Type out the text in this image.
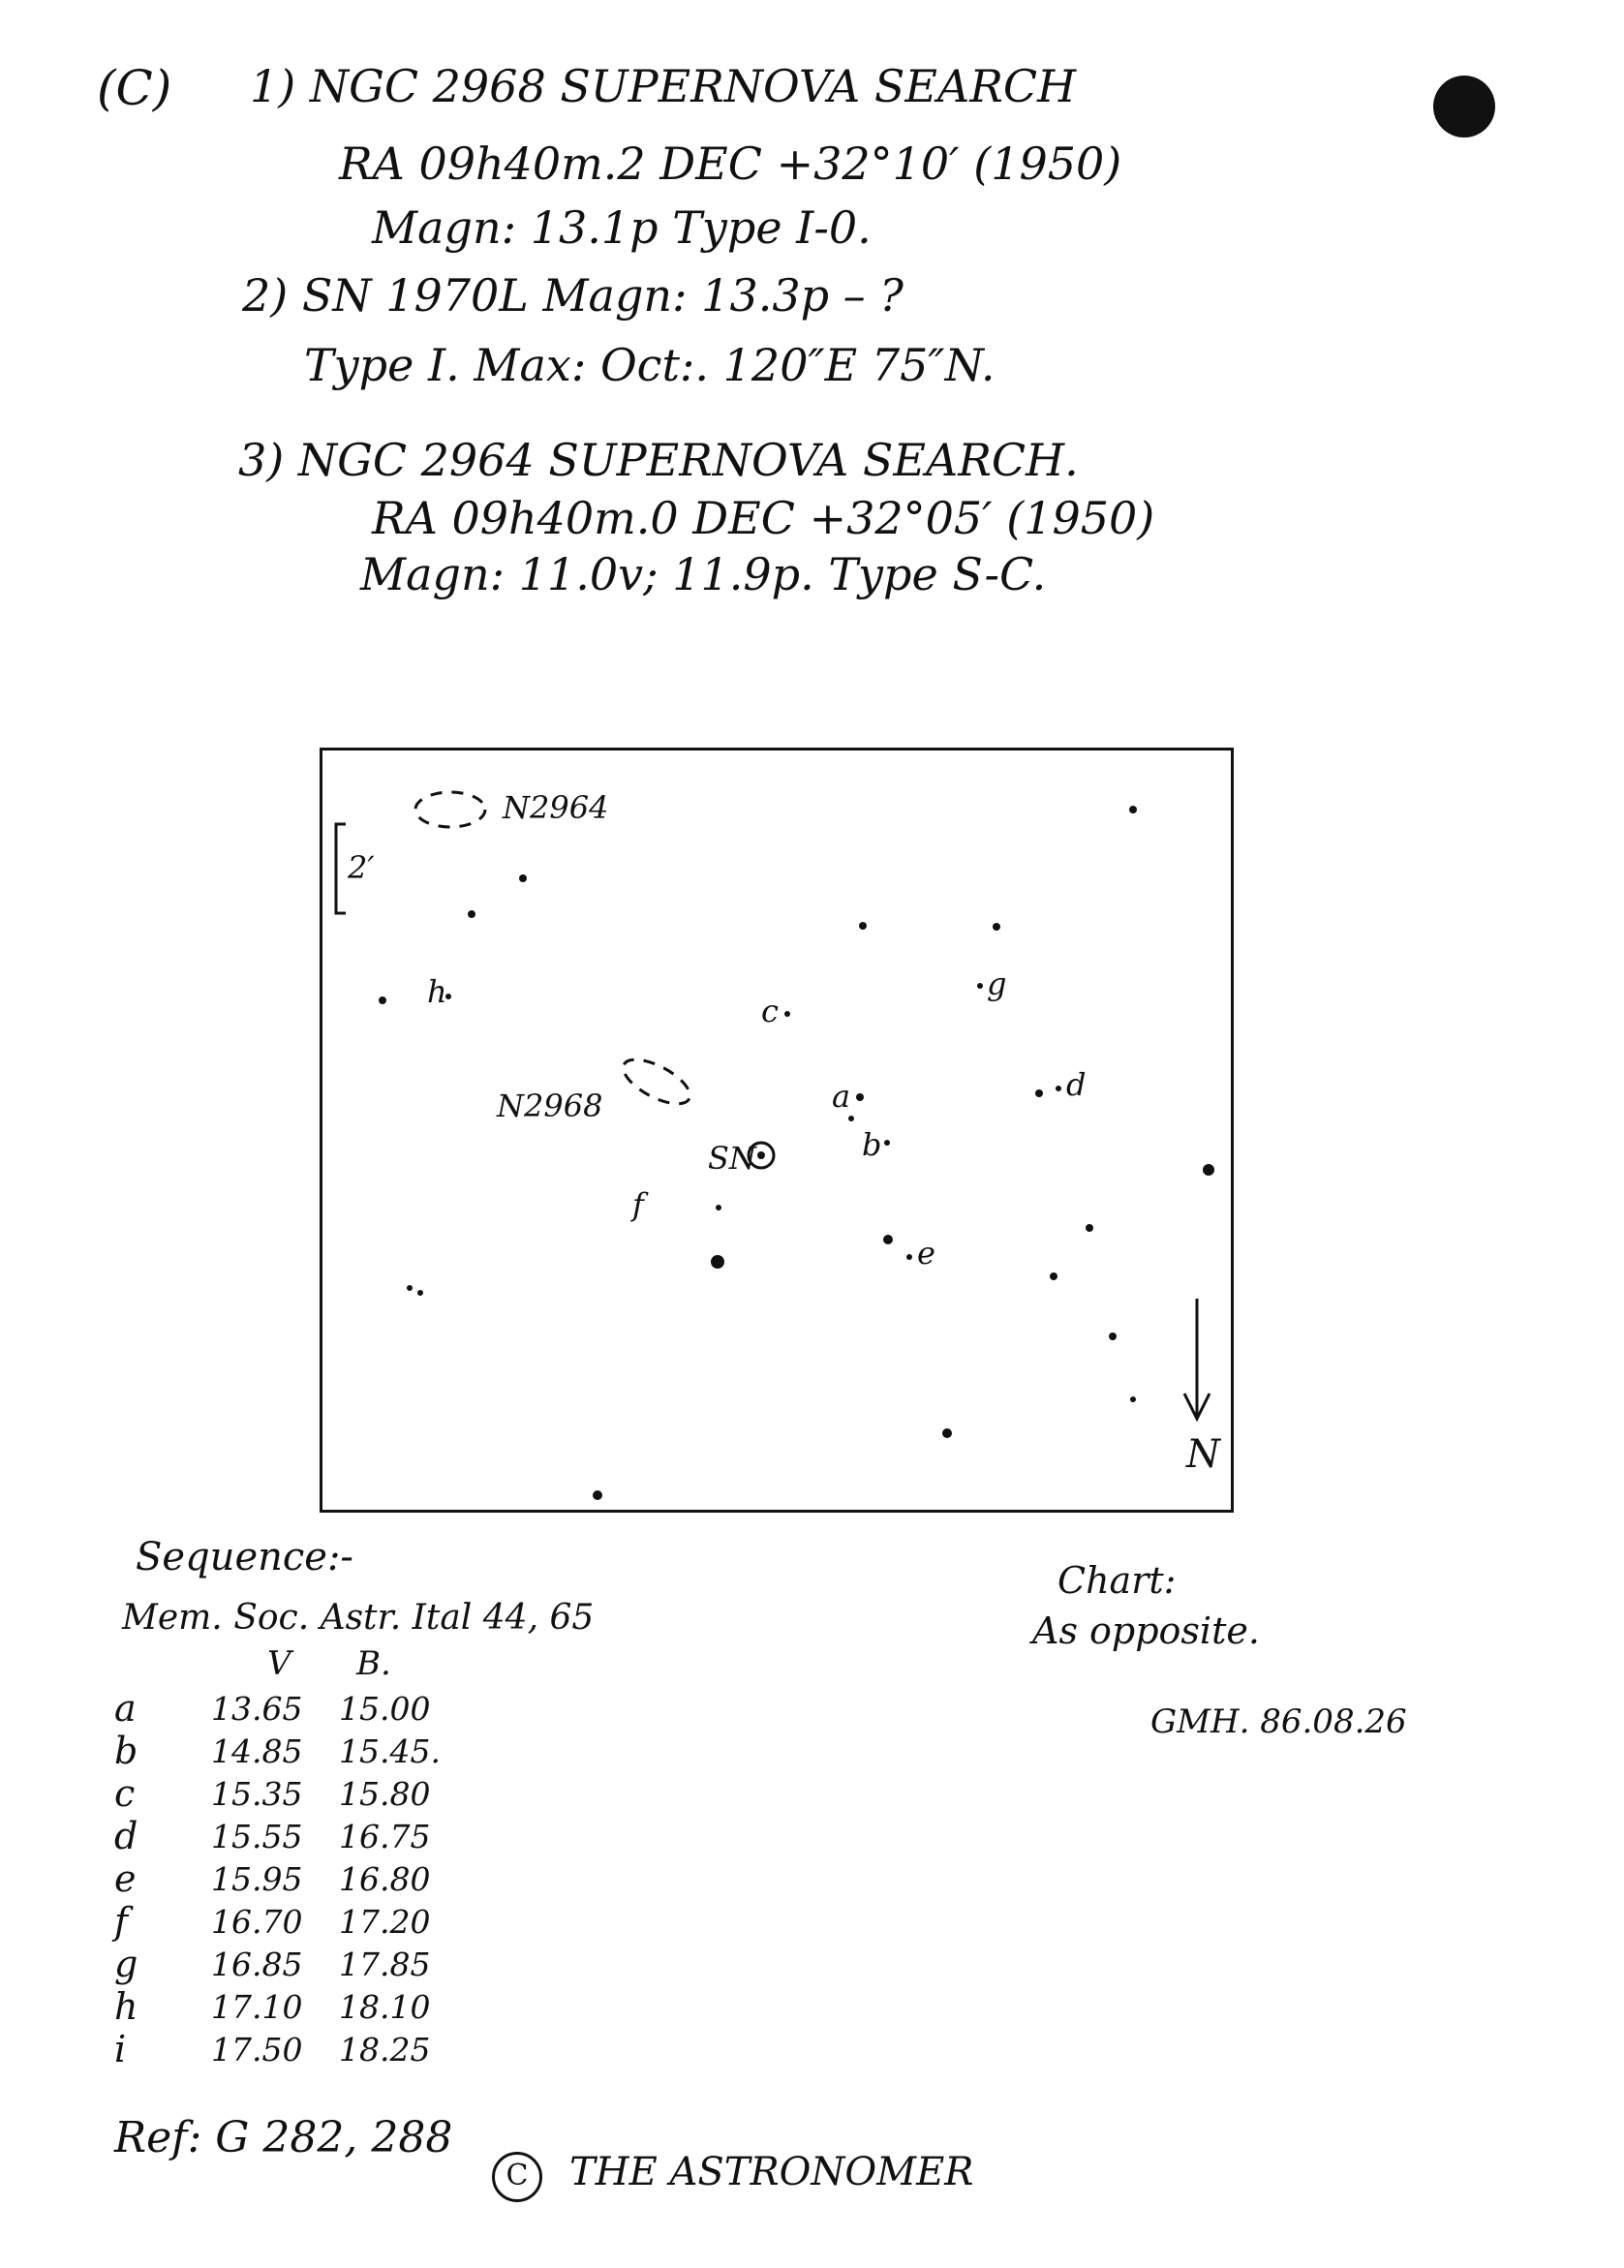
(C) 1) NGC 2968 SUPERNOVA SEARCH
RA 09h40m.2 DEC +32°10′ (1950)
Magn: 13.1p Type I-0.
2) SN 1970L Magn: 13.3p – ?
Type I. Max: Oct:. 120″E 75″N.
3) NGC 2964 SUPERNOVA SEARCH.
RA 09h40m.0 DEC +32°05′ (1950)
Magn: 11.0v; 11.9p. Type S-C.
N2964
2′
N2968
SN
N
a
b
c
d
e
f
g
h
Sequence:-
Mem. Soc. Astr. Ital 44, 65
V B.
a	13.65	15.00
b	14.85	15.45.
c	15.35	15.80
d	15.55	16.75
e	15.95	16.80
f	16.70	17.20
g	16.85	17.85
h	17.10	18.10
i	17.50	18.25
Chart:
As opposite.
GMH. 86.08.26
Ref: G 282, 288
C THE ASTRONOMER
